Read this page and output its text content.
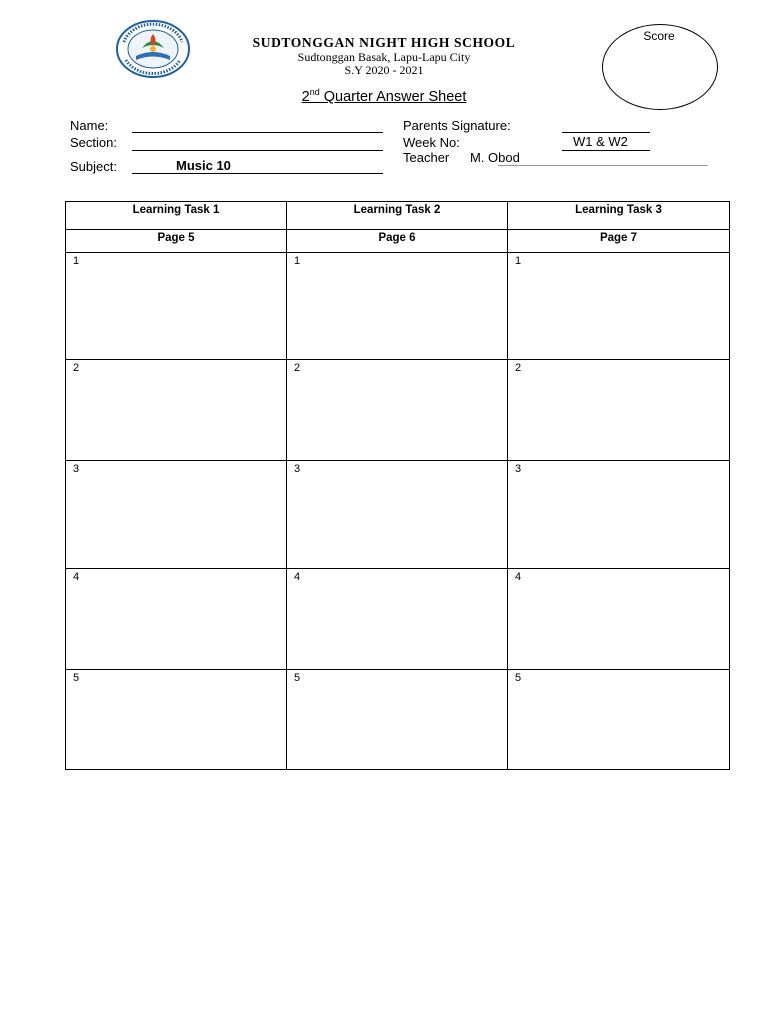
SUDTONGGAN NIGHT HIGH SCHOOL
Sudtonggan Basak, Lapu-Lapu City
S.Y 2020 - 2021
2nd Quarter Answer Sheet
Score
Name:
Section:
Subject:	Music 10
Parents Signature:
Week No:	W1 & W2
Teacher M. Obod
Learning Task 1	Learning Task 2	Learning Task 3
Page 5	Page 6	Page 7

1	1	1

2	2	2

3	3	3

4	4	4

5	5	5
